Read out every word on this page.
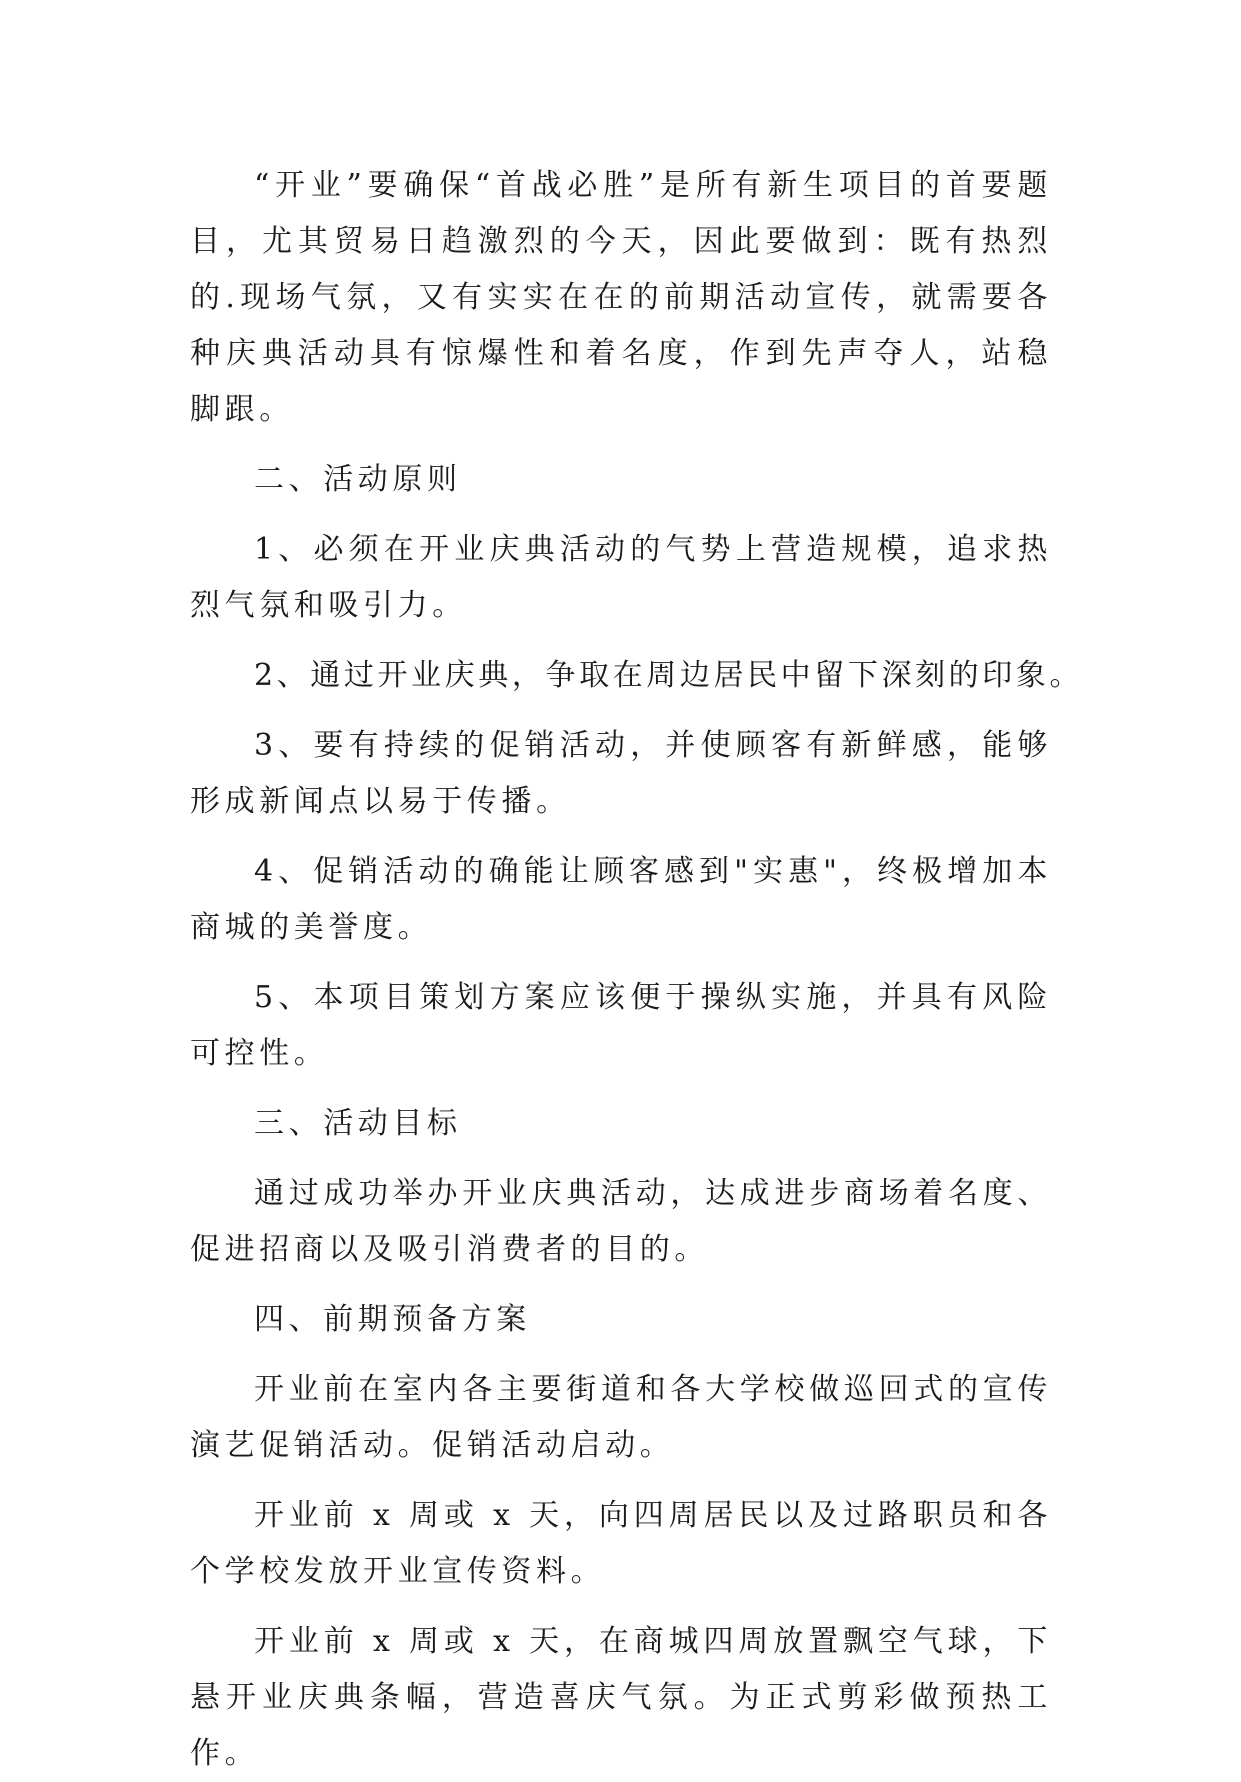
“开业”要确保“首战必胜”是所有新生项目的首要题目，尤其贸易日趋激烈的今天，因此要做到：既有热烈的.现场气氛，又有实实在在的前期活动宣传，就需要各种庆典活动具有惊爆性和着名度，作到先声夺人，站稳脚跟。

二、活动原则

1、必须在开业庆典活动的气势上营造规模，追求热烈气氛和吸引力。

2、通过开业庆典，争取在周边居民中留下深刻的印象。

3、要有持续的促销活动，并使顾客有新鲜感，能够形成新闻点以易于传播。

4、促销活动的确能让顾客感到"实惠"，终极增加本商城的美誉度。

5、本项目策划方案应该便于操纵实施，并具有风险可控性。

三、活动目标

通过成功举办开业庆典活动，达成进步商场着名度、促进招商以及吸引消费者的目的。

四、前期预备方案

开业前在室内各主要街道和各大学校做巡回式的宣传演艺促销活动。促销活动启动。

开业前 x 周或 x 天，向四周居民以及过路职员和各个学校发放开业宣传资料。

开业前 x 周或 x 天，在商城四周放置飘空气球，下悬开业庆典条幅，营造喜庆气氛。为正式剪彩做预热工作。
